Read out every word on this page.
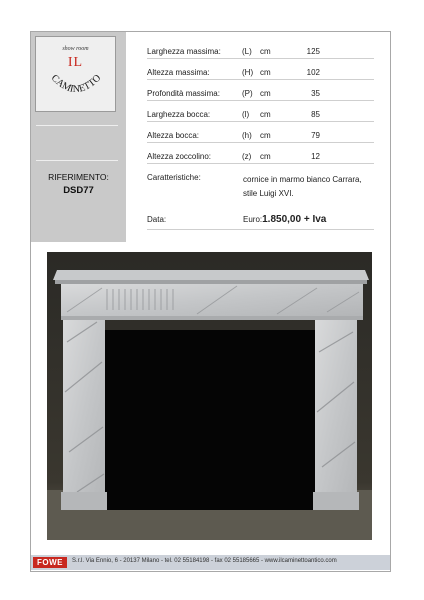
show room
IL
CAMINETTO
RIFERIMENTO:
DSD77
Larghezza massima:	(L) cm	125
Altezza massima:	(H) cm	102
Profondità massima:	(P) cm	35
Larghezza bocca:	(l) cm	85
Altezza bocca:	(h) cm	79
Altezza zoccolino:	(z) cm	12
Caratteristiche:	cornice in marmo bianco Carrara,
stile Luigi XVI.
Data:	Euro:1.850,00 + Iva
FOWE	S.r.l. Via Ennio, 6 - 20137 Milano - tel. 02 55184198 - fax 02 55185665 - www.ilcaminettoantico.com
